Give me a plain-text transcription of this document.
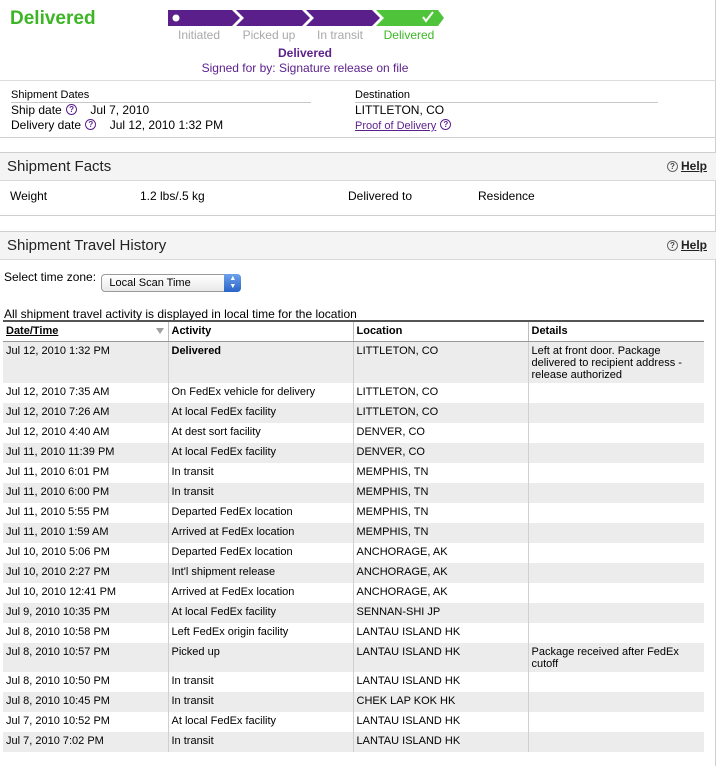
Delivered
Initiated	Picked up	In transit	Delivered
Delivered
Signed for by: Signature release on file
Shipment Dates	Destination
Ship date ? Jul 7, 2010
Delivery date ? Jul 12, 2010 1:32 PM
LITTLETON, CO
Proof of Delivery ?
Shipment Facts	? Help
Weight	1.2 lbs/.5 kg	Delivered to	Residence
Shipment Travel History	? Help
Select time zone: Local Scan Time	▲
▼
All shipment travel activity is displayed in local time for the location
Date/Time	Activity	Location	Details
Jul 12, 2010 1:32 PM	Delivered	LITTLETON, CO	Left at front door. Package delivered to recipient address - release authorized
Jul 12, 2010 7:35 AM	On FedEx vehicle for delivery	LITTLETON, CO	
Jul 12, 2010 7:26 AM	At local FedEx facility	LITTLETON, CO	
Jul 12, 2010 4:40 AM	At dest sort facility	DENVER, CO	
Jul 11, 2010 11:39 PM	At local FedEx facility	DENVER, CO	
Jul 11, 2010 6:01 PM	In transit	MEMPHIS, TN	
Jul 11, 2010 6:00 PM	In transit	MEMPHIS, TN	
Jul 11, 2010 5:55 PM	Departed FedEx location	MEMPHIS, TN	
Jul 11, 2010 1:59 AM	Arrived at FedEx location	MEMPHIS, TN	
Jul 10, 2010 5:06 PM	Departed FedEx location	ANCHORAGE, AK	
Jul 10, 2010 2:27 PM	Int'l shipment release	ANCHORAGE, AK	
Jul 10, 2010 12:41 PM	Arrived at FedEx location	ANCHORAGE, AK	
Jul 9, 2010 10:35 PM	At local FedEx facility	SENNAN-SHI JP	
Jul 8, 2010 10:58 PM	Left FedEx origin facility	LANTAU ISLAND HK	
Jul 8, 2010 10:57 PM	Picked up	LANTAU ISLAND HK	Package received after FedEx cutoff
Jul 8, 2010 10:50 PM	In transit	LANTAU ISLAND HK	
Jul 8, 2010 10:45 PM	In transit	CHEK LAP KOK HK	
Jul 7, 2010 10:52 PM	At local FedEx facility	LANTAU ISLAND HK	
Jul 7, 2010 7:02 PM	In transit	LANTAU ISLAND HK	
